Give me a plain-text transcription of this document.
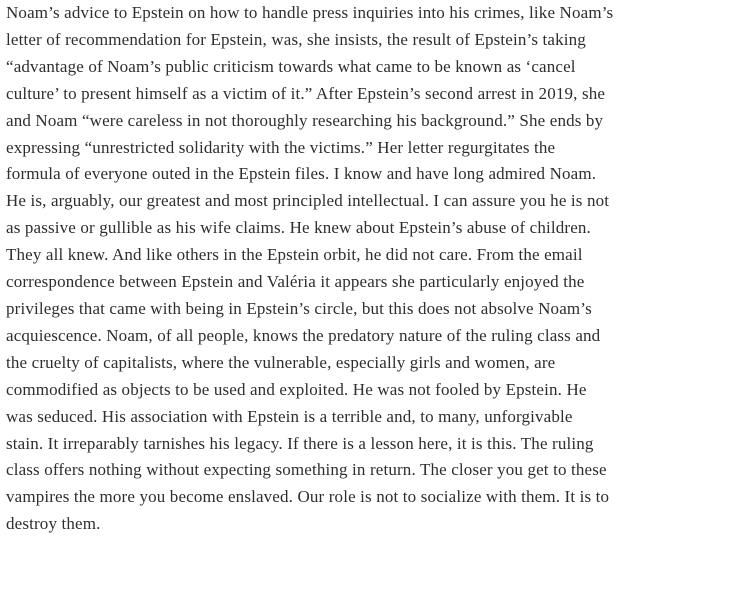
Noam’s advice to Epstein on how to handle press inquiries into his crimes, like Noam’s
letter of recommendation for Epstein, was, she insists, the result of Epstein’s taking
“advantage of Noam’s public criticism towards what came to be known as ‘cancel
culture’ to present himself as a victim of it.” After Epstein’s second arrest in 2019, she
and Noam “were careless in not thoroughly researching his background.” She ends by
expressing “unrestricted solidarity with the victims.” Her letter regurgitates the
formula of everyone outed in the Epstein files. I know and have long admired Noam.
He is, arguably, our greatest and most principled intellectual. I can assure you he is not
as passive or gullible as his wife claims. He knew about Epstein’s abuse of children.
They all knew. And like others in the Epstein orbit, he did not care. From the email
correspondence between Epstein and Valéria it appears she particularly enjoyed the
privileges that came with being in Epstein’s circle, but this does not absolve Noam’s
acquiescence. Noam, of all people, knows the predatory nature of the ruling class and
the cruelty of capitalists, where the vulnerable, especially girls and women, are
commodified as objects to be used and exploited. He was not fooled by Epstein. He
was seduced. His association with Epstein is a terrible and, to many, unforgivable
stain. It irreparably tarnishes his legacy. If there is a lesson here, it is this. The ruling
class offers nothing without expecting something in return. The closer you get to these
vampires the more you become enslaved. Our role is not to socialize with them. It is to
destroy them.
